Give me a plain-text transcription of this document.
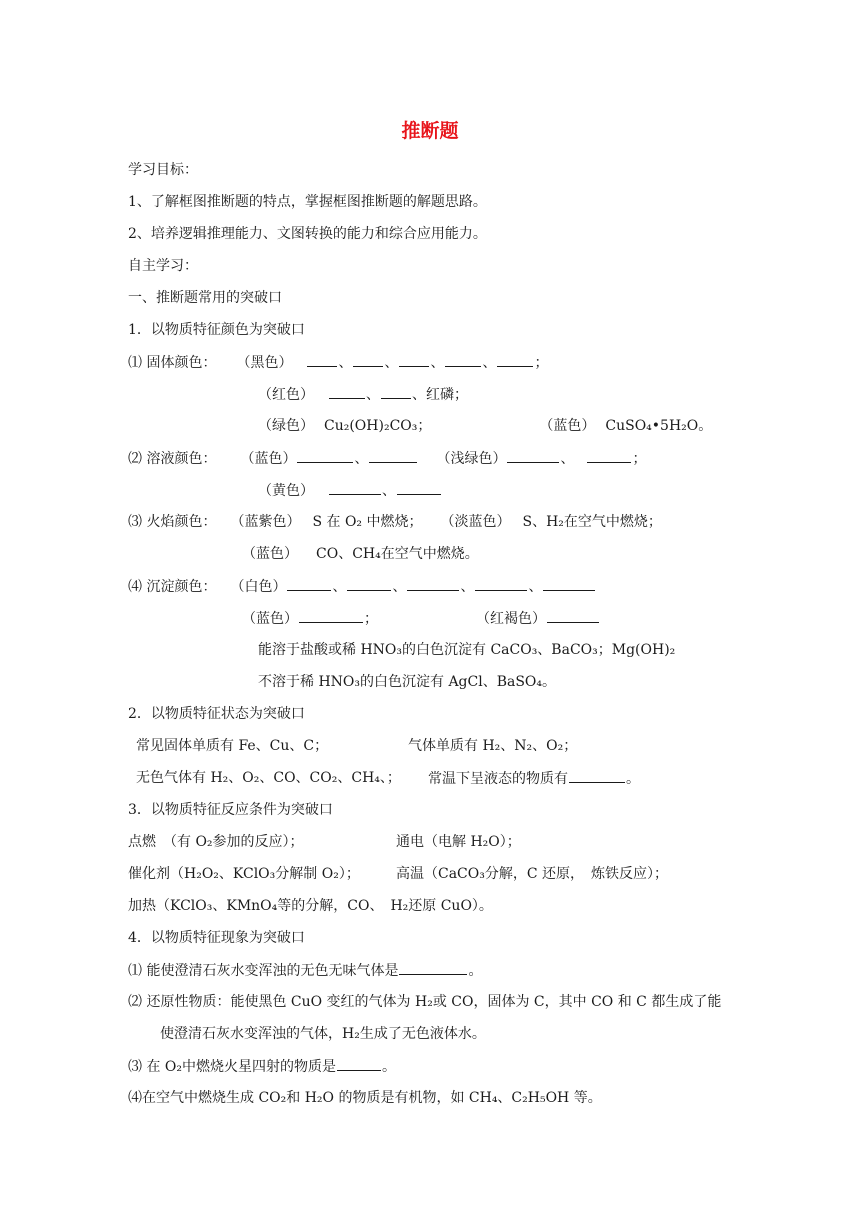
推断题
学习目标：
1、了解框图推断题的特点，掌握框图推断题的解题思路。
2、培养逻辑推理能力、文图转换的能力和综合应用能力。
自主学习：
一、推断题常用的突破口
1．以物质特征颜色为突破口
⑴ 固体颜色： （黑色）	、 、 、	、	；
（红色）	、 、红磷；
（绿色） Cu₂(OH)₂CO₃；	（蓝色） CuSO₄•5H₂O。
⑵ 溶液颜色： （蓝色）	、	（浅绿色）	、	；
（黄色）	、
⑶ 火焰颜色： （蓝紫色） S 在 O₂ 中燃烧； （淡蓝色） S、H₂在空气中燃烧；
（蓝色） CO、CH₄在空气中燃烧。
⑷ 沉淀颜色： （白色）	、	、	、	、
（蓝色）	；	（红褐色）
能溶于盐酸或稀 HNO₃的白色沉淀有 CaCO₃、BaCO₃；Mg(OH)₂
不溶于稀 HNO₃的白色沉淀有 AgCl、BaSO₄。
2．以物质特征状态为突破口
常见固体单质有 Fe、Cu、C；	气体单质有 H₂、N₂、O₂；
无色气体有 H₂、O₂、CO、CO₂、CH₄、； 常温下呈液态的物质有	。
3．以物质特征反应条件为突破口
点燃　（有 O₂参加的反应）；	通电（电解 H₂O）；
催化剂（H₂O₂、KClO₃分解制 O₂）；	高温（CaCO₃分解，C 还原，　炼铁反应）；
加热（KClO₃、KMnO₄等的分解，CO、　H₂还原 CuO）。
4．以物质特征现象为突破口
⑴ 能使澄清石灰水变浑浊的无色无味气体是	。
⑵ 还原性物质：能使黑色 CuO 变红的气体为 H₂或 CO，固体为 C，其中 CO 和 C 都生成了能
使澄清石灰水变浑浊的气体，H₂生成了无色液体水。
⑶ 在 O₂中燃烧火星四射的物质是	。
⑷在空气中燃烧生成 CO₂和 H₂O 的物质是有机物，如 CH₄、C₂H₅OH 等。
